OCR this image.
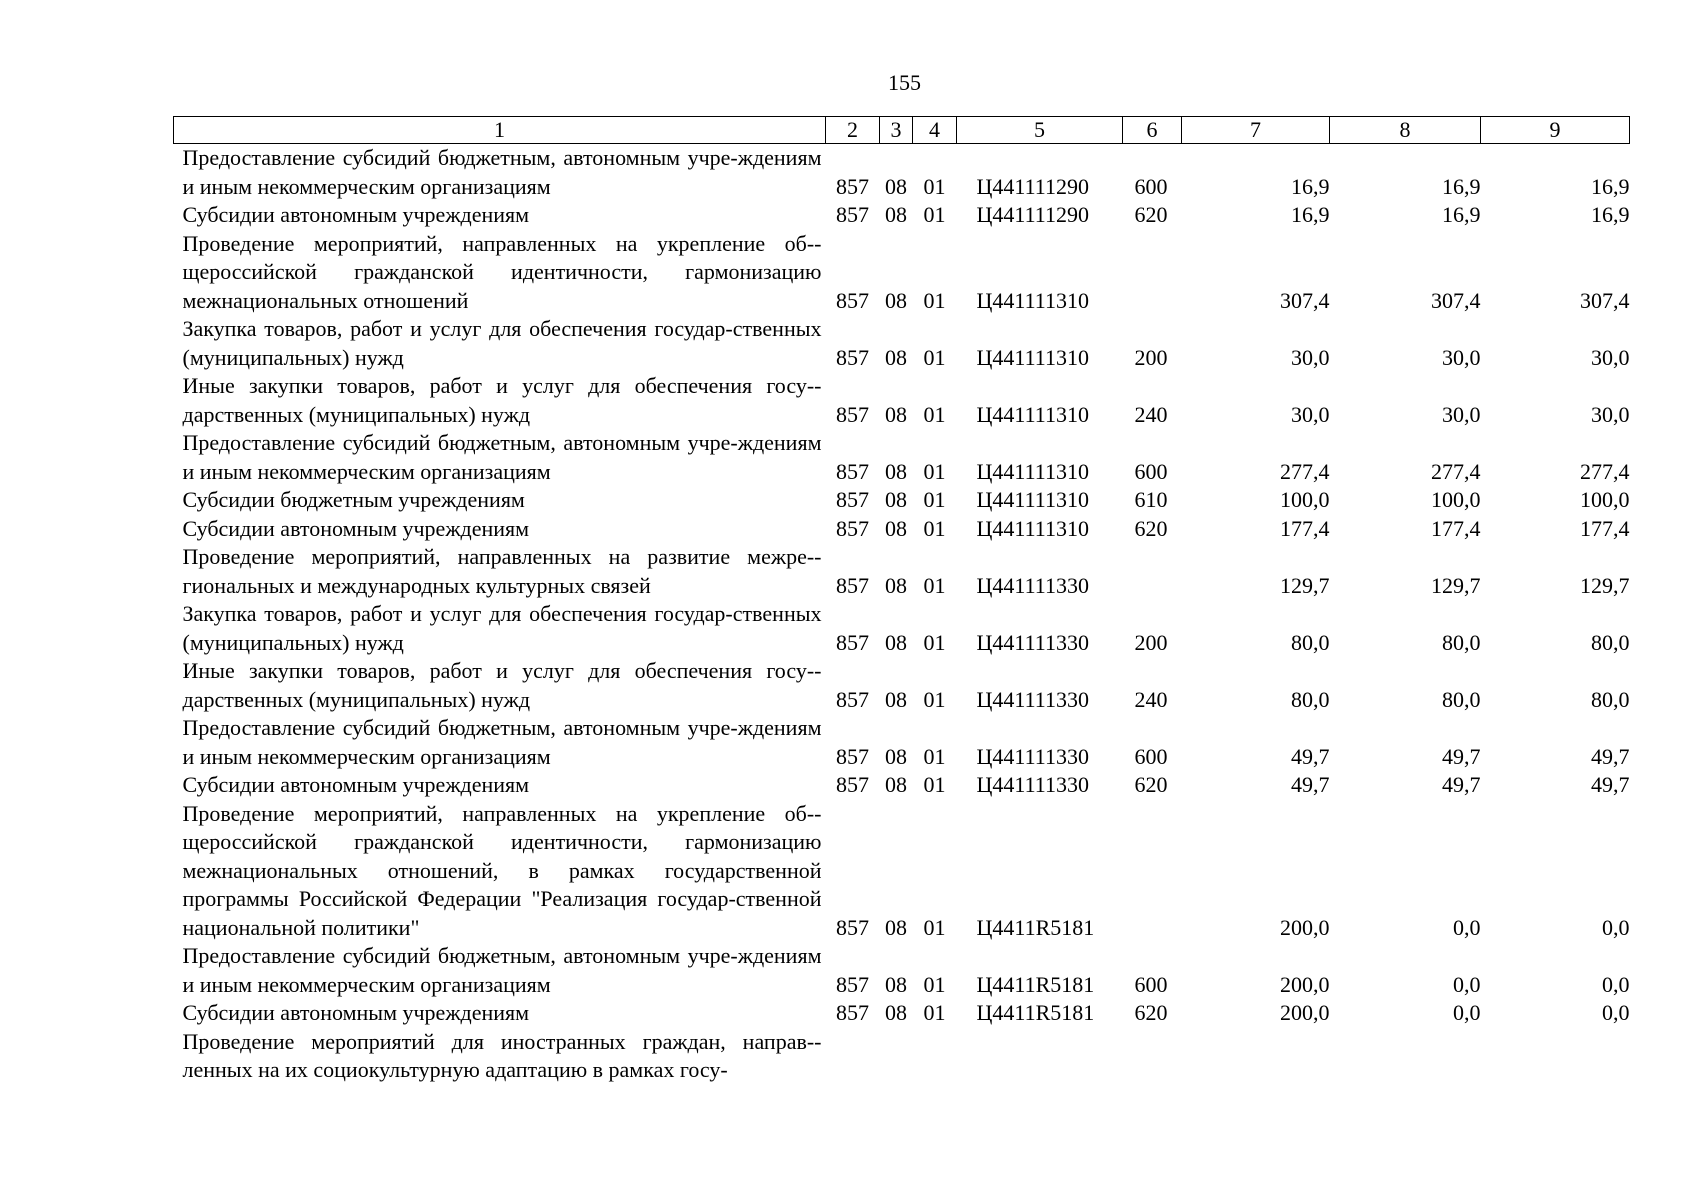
155
1	2	3	4	5	6	7	8	9
Предоставление субсидий бюджетным, автономным учре-ждениям и иным некоммерческим организациям	857	08	01	Ц441111290	600	16,9	16,9	16,9
Субсидии автономным учреждениям	857	08	01	Ц441111290	620	16,9	16,9	16,9
Проведение мероприятий, направленных на укрепление об-щероссийской гражданской идентичности, гармонизацию межнациональных отношений	857	08	01	Ц441111310		307,4	307,4	307,4
Закупка товаров, работ и услуг для обеспечения государ-ственных (муниципальных) нужд	857	08	01	Ц441111310	200	30,0	30,0	30,0
Иные закупки товаров, работ и услуг для обеспечения госу-дарственных (муниципальных) нужд	857	08	01	Ц441111310	240	30,0	30,0	30,0
Предоставление субсидий бюджетным, автономным учре-ждениям и иным некоммерческим организациям	857	08	01	Ц441111310	600	277,4	277,4	277,4
Субсидии бюджетным учреждениям	857	08	01	Ц441111310	610	100,0	100,0	100,0
Субсидии автономным учреждениям	857	08	01	Ц441111310	620	177,4	177,4	177,4
Проведение мероприятий, направленных на развитие межре-гиональных и международных культурных связей	857	08	01	Ц441111330		129,7	129,7	129,7
Закупка товаров, работ и услуг для обеспечения государ-ственных (муниципальных) нужд	857	08	01	Ц441111330	200	80,0	80,0	80,0
Иные закупки товаров, работ и услуг для обеспечения госу-дарственных (муниципальных) нужд	857	08	01	Ц441111330	240	80,0	80,0	80,0
Предоставление субсидий бюджетным, автономным учре-ждениям и иным некоммерческим организациям	857	08	01	Ц441111330	600	49,7	49,7	49,7
Субсидии автономным учреждениям	857	08	01	Ц441111330	620	49,7	49,7	49,7
Проведение мероприятий, направленных на укрепление об-щероссийской гражданской идентичности, гармонизацию межнациональных отношений, в рамках государственной программы Российской Федерации "Реализация государ-ственной национальной политики"	857	08	01	Ц4411R5181		200,0	0,0	0,0
Предоставление субсидий бюджетным, автономным учре-ждениям и иным некоммерческим организациям	857	08	01	Ц4411R5181	600	200,0	0,0	0,0
Субсидии автономным учреждениям	857	08	01	Ц4411R5181	620	200,0	0,0	0,0
Проведение мероприятий для иностранных граждан, направ-ленных на их социокультурную адаптацию в рамках госу-								
